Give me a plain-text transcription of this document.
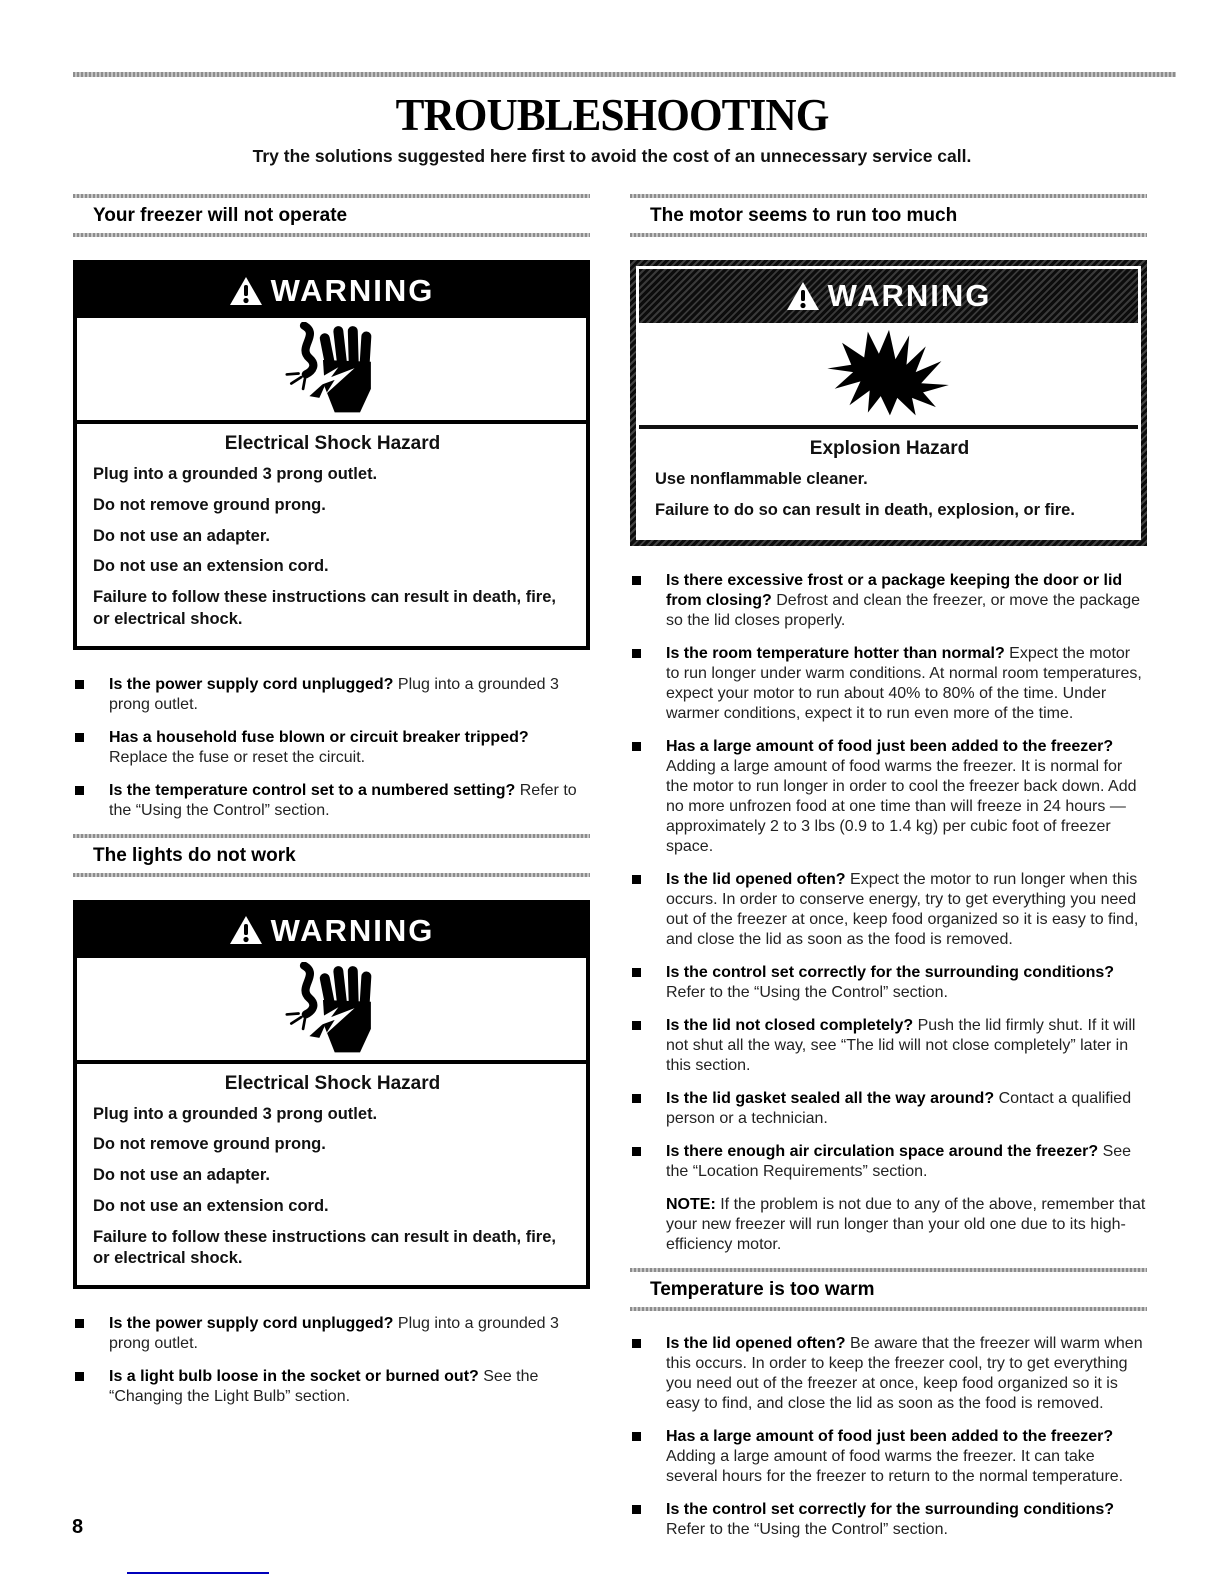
TROUBLESHOOTING
Try the solutions suggested here first to avoid the cost of an unnecessary service call.
Your freezer will not operate
WARNING
Electrical Shock Hazard
Plug into a grounded 3 prong outlet.
Do not remove ground prong.
Do not use an adapter.
Do not use an extension cord.
Failure to follow these instructions can result in death, fire, or electrical shock.
Is the power supply cord unplugged? Plug into a grounded 3 prong outlet.
Has a household fuse blown or circuit breaker tripped? Replace the fuse or reset the circuit.
Is the temperature control set to a numbered setting? Refer to the “Using the Control” section.
The lights do not work
WARNING
Electrical Shock Hazard
Plug into a grounded 3 prong outlet.
Do not remove ground prong.
Do not use an adapter.
Do not use an extension cord.
Failure to follow these instructions can result in death, fire, or electrical shock.
Is the power supply cord unplugged? Plug into a grounded 3 prong outlet.
Is a light bulb loose in the socket or burned out? See the “Changing the Light Bulb” section.
The motor seems to run too much
WARNING
Explosion Hazard
Use nonflammable cleaner.
Failure to do so can result in death, explosion, or fire.
Is there excessive frost or a package keeping the door or lid from closing? Defrost and clean the freezer, or move the package so the lid closes properly.
Is the room temperature hotter than normal? Expect the motor to run longer under warm conditions. At normal room temperatures, expect your motor to run about 40% to 80% of the time. Under warmer conditions, expect it to run even more of the time.
Has a large amount of food just been added to the freezer? Adding a large amount of food warms the freezer. It is normal for the motor to run longer in order to cool the freezer back down. Add no more unfrozen food at one time than will freeze in 24 hours — approximately 2 to 3 lbs (0.9 to 1.4 kg) per cubic foot of freezer space.
Is the lid opened often? Expect the motor to run longer when this occurs. In order to conserve energy, try to get everything you need out of the freezer at once, keep food organized so it is easy to find, and close the lid as soon as the food is removed.
Is the control set correctly for the surrounding conditions? Refer to the “Using the Control” section.
Is the lid not closed completely? Push the lid firmly shut. If it will not shut all the way, see “The lid will not close completely” later in this section.
Is the lid gasket sealed all the way around? Contact a qualified person or a technician.
Is there enough air circulation space around the freezer? See the “Location Requirements” section.
NOTE: If the problem is not due to any of the above, remember that your new freezer will run longer than your old one due to its high-efficiency motor.
Temperature is too warm
Is the lid opened often? Be aware that the freezer will warm when this occurs. In order to keep the freezer cool, try to get everything you need out of the freezer at once, keep food organized so it is easy to find, and close the lid as soon as the food is removed.
Has a large amount of food just been added to the freezer? Adding a large amount of food warms the freezer. It can take several hours for the freezer to return to the normal temperature.
Is the control set correctly for the surrounding conditions? Refer to the “Using the Control” section.
8
